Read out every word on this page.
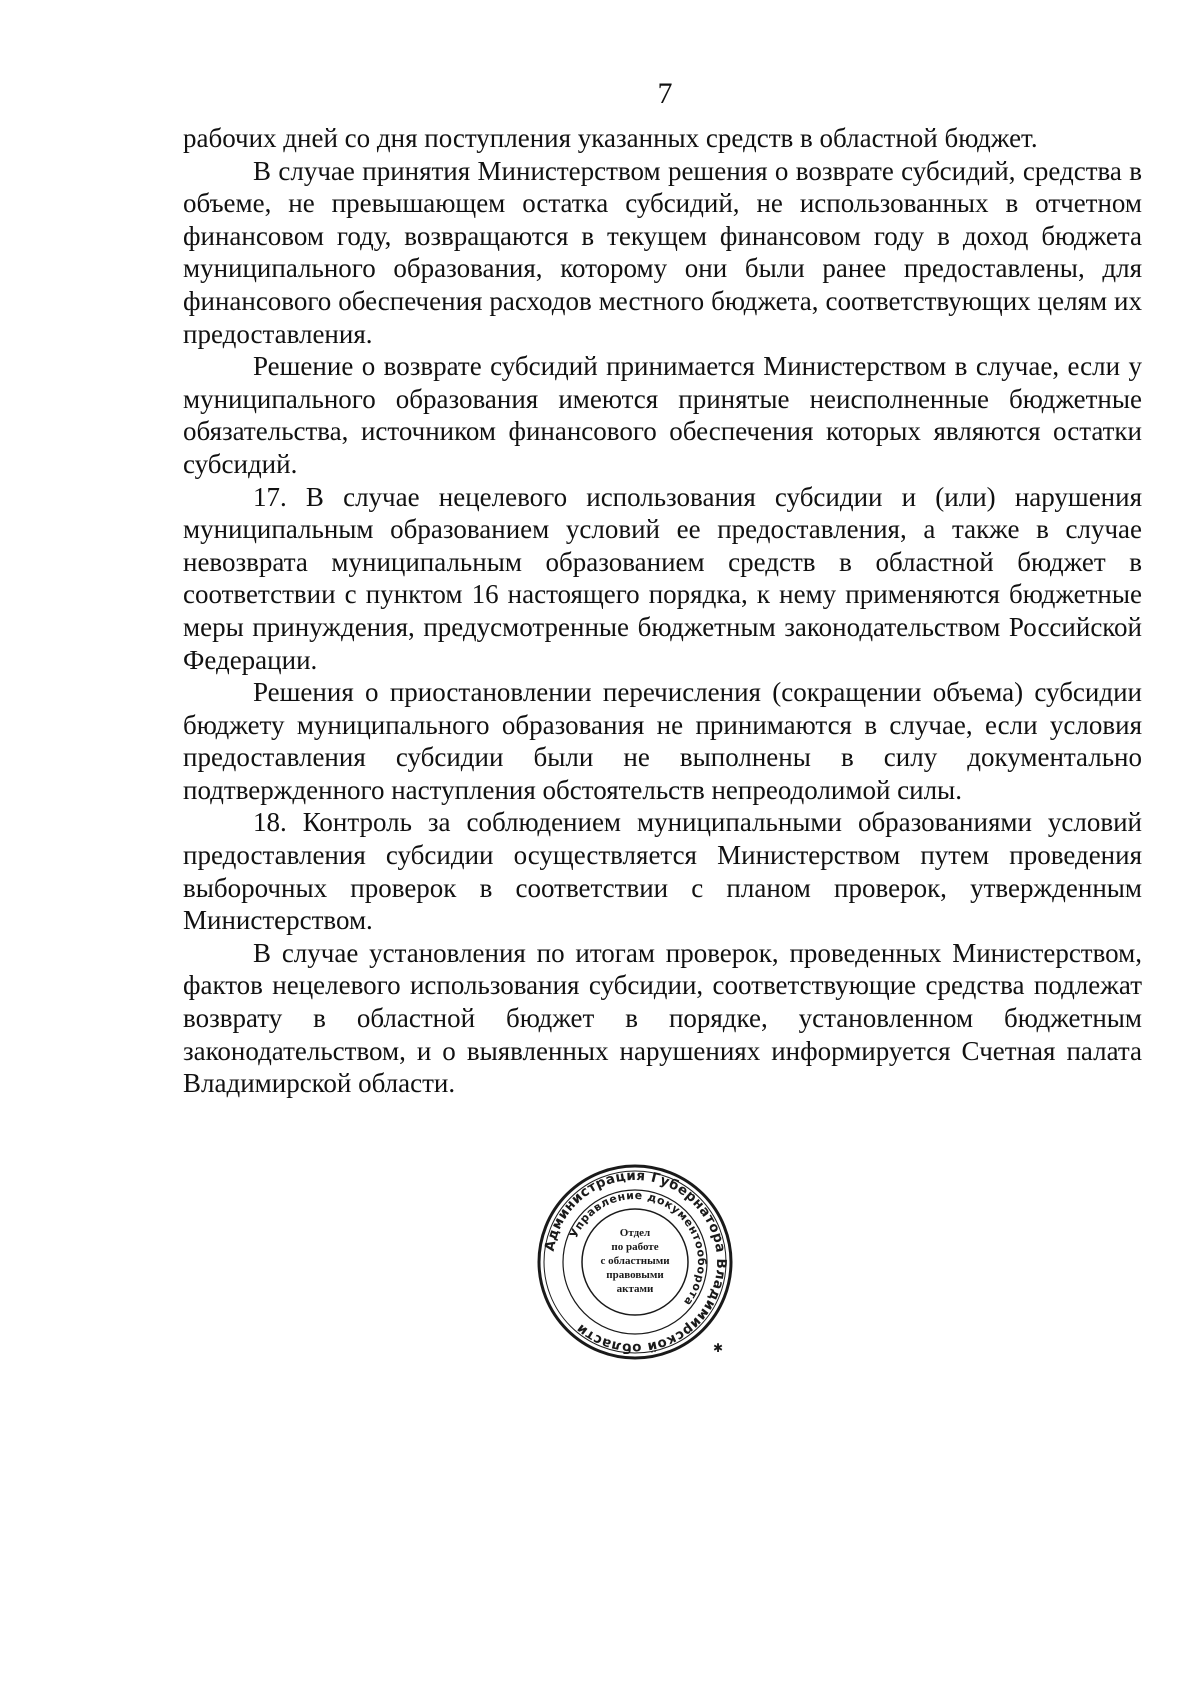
7

рабочих дней со дня поступления указанных средств в областной бюджет.

В случае принятия Министерством решения о возврате субсидий, средства в объеме, не превышающем остатка субсидий, не использованных в отчетном финансовом году, возвращаются в текущем финансовом году в доход бюджета муниципального образования, которому они были ранее предоставлены, для финансового обеспечения расходов местного бюджета, соответствующих целям их предоставления.

Решение о возврате субсидий принимается Министерством в случае, если у муниципального образования имеются принятые неисполненные бюджетные обязательства, источником финансового обеспечения которых являются остатки субсидий.

17. В случае нецелевого использования субсидии и (или) нарушения муниципальным образованием условий ее предоставления, а также в случае невозврата муниципальным образованием средств в областной бюджет в соответствии с пунктом 16 настоящего порядка, к нему применяются бюджетные меры принуждения, предусмотренные бюджетным законодательством Российской Федерации.

Решения о приостановлении перечисления (сокращении объема) субсидии бюджету муниципального образования не принимаются в случае, если условия предоставления субсидии были не выполнены в силу документально подтвержденного наступления обстоятельств непреодолимой силы.

18. Контроль за соблюдением муниципальными образованиями условий предоставления субсидии осуществляется Министерством путем проведения выборочных проверок в соответствии с планом проверок, утвержденным Министерством.

В случае установления по итогам проверок, проведенных Министерством, фактов нецелевого использования субсидии, соответствующие средства подлежат возврату в областной бюджет в порядке, установленном бюджетным законодательством, и о выявленных нарушениях информируется Счетная палата Владимирской области.

Администрация Губернатора Владимирской области
Управление документооборота
✱
Отдел
по работе
с областными
правовыми
актами
